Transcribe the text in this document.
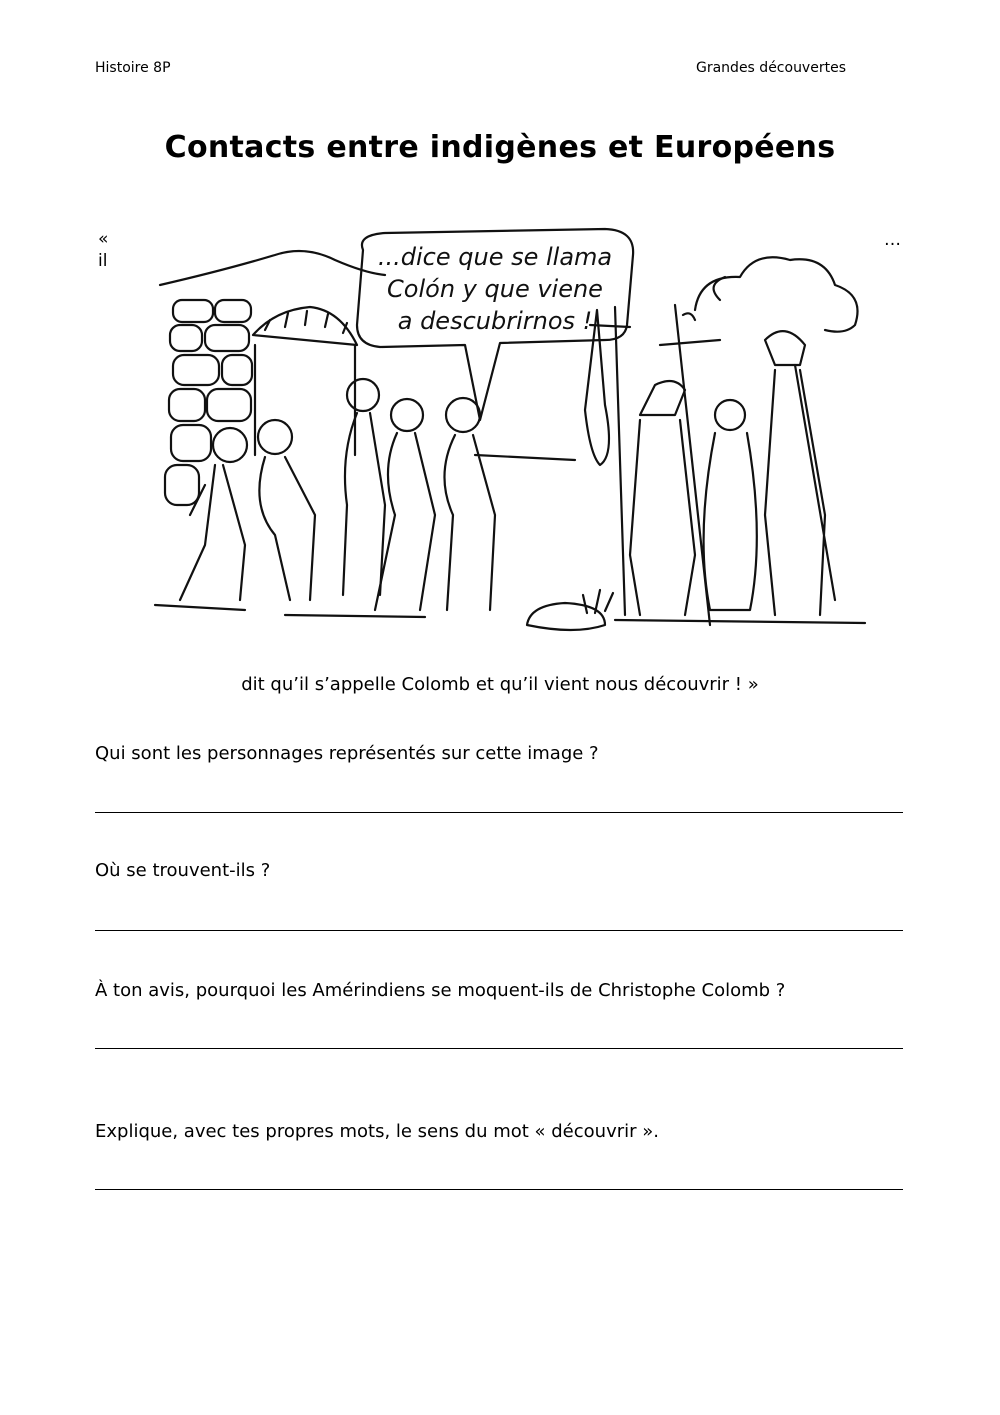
Histoire 8P	Grandes découvertes
Contacts entre indigènes et Européens
«
il
…
...dice que se llama
Colón y que viene
a descubrirnos !
dit qu’il s’appelle Colomb et qu’il vient nous découvrir ! »
Qui sont les personnages représentés sur cette image ?
Où se trouvent-ils ?
À ton avis, pourquoi les Amérindiens se moquent-ils de Christophe Colomb ?
Explique, avec tes propres mots, le sens du mot « découvrir ».
